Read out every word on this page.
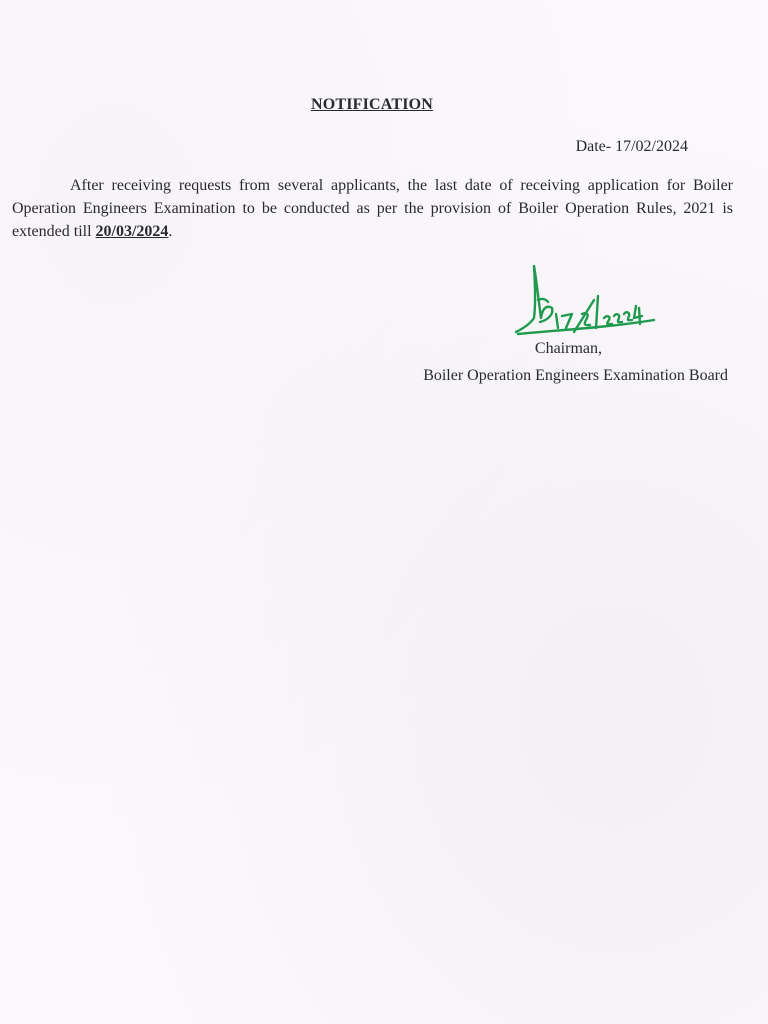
NOTIFICATION
Date- 17/02/2024

After receiving requests from several applicants, the last date of receiving application for Boiler Operation Engineers Examination to be conducted as per the provision of Boiler Operation Rules, 2021 is extended till 20/03/2024.

Chairman,
Boiler Operation Engineers Examination Board
